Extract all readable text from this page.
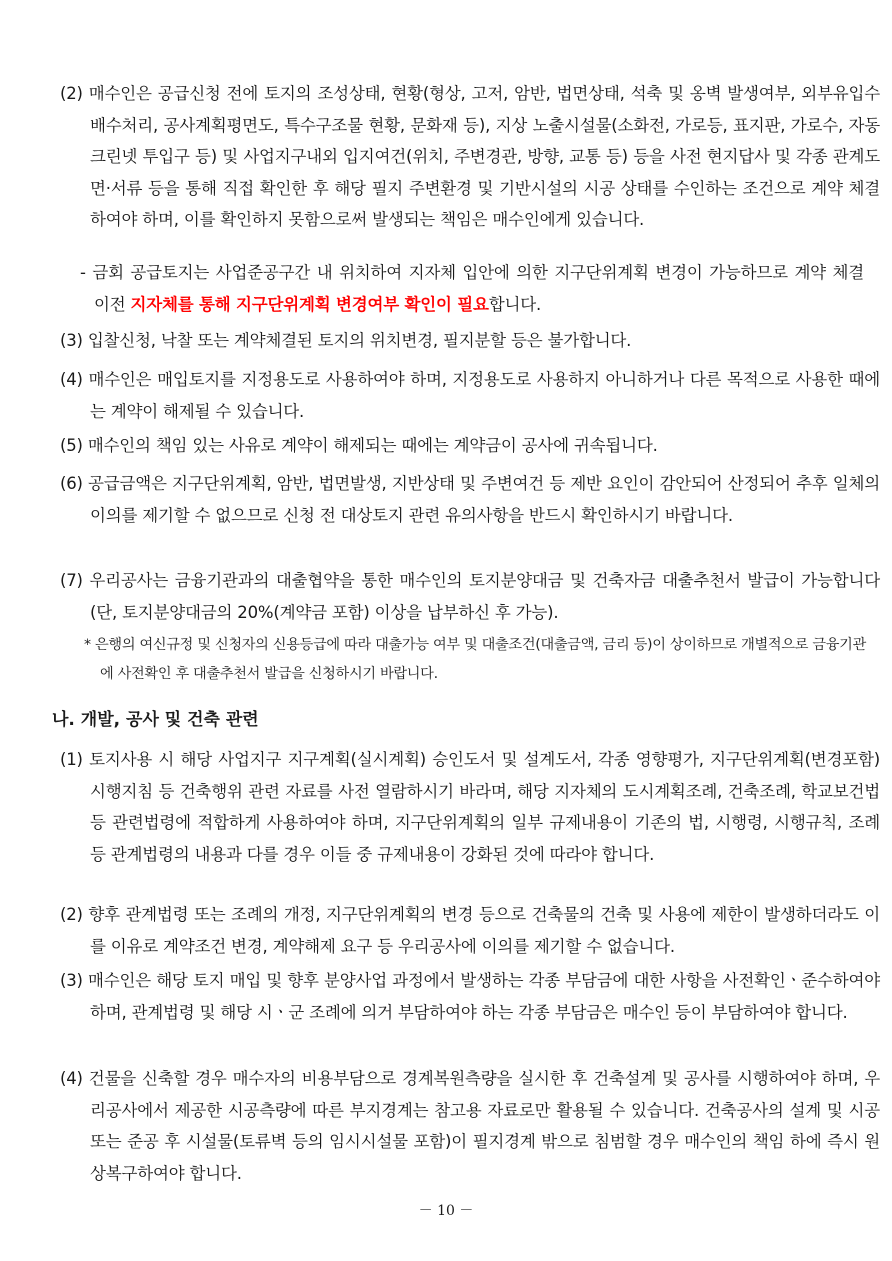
(2) 매수인은 공급신청 전에 토지의 조성상태, 현황(형상, 고저, 암반, 법면상태, 석축 및 옹벽 발생여부, 외부유입수 배수처리, 공사계획평면도, 특수구조물 현황, 문화재 등), 지상 노출시설물(소화전, 가로등, 표지판, 가로수, 자동크린넷 투입구 등) 및 사업지구내외 입지여건(위치, 주변경관, 방향, 교통 등) 등을 사전 현지답사 및 각종 관계도면·서류 등을 통해 직접 확인한 후 해당 필지 주변환경 및 기반시설의 시공 상태를 수인하는 조건으로 계약 체결하여야 하며, 이를 확인하지 못함으로써 발생되는 책임은 매수인에게 있습니다.
- 금회 공급토지는 사업준공구간 내 위치하여 지자체 입안에 의한 지구단위계획 변경이 가능하므로 계약 체결 이전 지자체를 통해 지구단위계획 변경여부 확인이 필요합니다.
(3) 입찰신청, 낙찰 또는 계약체결된 토지의 위치변경, 필지분할 등은 불가합니다.
(4) 매수인은 매입토지를 지정용도로 사용하여야 하며, 지정용도로 사용하지 아니하거나 다른 목적으로 사용한 때에는 계약이 해제될 수 있습니다.
(5) 매수인의 책임 있는 사유로 계약이 해제되는 때에는 계약금이 공사에 귀속됩니다.
(6) 공급금액은 지구단위계획, 암반, 법면발생, 지반상태 및 주변여건 등 제반 요인이 감안되어 산정되어 추후 일체의 이의를 제기할 수 없으므로 신청 전 대상토지 관련 유의사항을 반드시 확인하시기 바랍니다.
(7) 우리공사는 금융기관과의 대출협약을 통한 매수인의 토지분양대금 및 건축자금 대출추천서 발급이 가능합니다(단, 토지분양대금의 20%(계약금 포함) 이상을 납부하신 후 가능).
* 은행의 여신규정 및 신청자의 신용등급에 따라 대출가능 여부 및 대출조건(대출금액, 금리 등)이 상이하므로 개별적으로 금융기관에 사전확인 후 대출추천서 발급을 신청하시기 바랍니다.
나. 개발, 공사 및 건축 관련
(1) 토지사용 시 해당 사업지구 지구계획(실시계획) 승인도서 및 설계도서, 각종 영향평가, 지구단위계획(변경포함) 시행지침 등 건축행위 관련 자료를 사전 열람하시기 바라며, 해당 지자체의 도시계획조례, 건축조례, 학교보건법 등 관련법령에 적합하게 사용하여야 하며, 지구단위계획의 일부 규제내용이 기존의 법, 시행령, 시행규칙, 조례 등 관계법령의 내용과 다를 경우 이들 중 규제내용이 강화된 것에 따라야 합니다.
(2) 향후 관계법령 또는 조례의 개정, 지구단위계획의 변경 등으로 건축물의 건축 및 사용에 제한이 발생하더라도 이를 이유로 계약조건 변경, 계약해제 요구 등 우리공사에 이의를 제기할 수 없습니다.
(3) 매수인은 해당 토지 매입 및 향후 분양사업 과정에서 발생하는 각종 부담금에 대한 사항을 사전확인ㆍ준수하여야 하며, 관계법령 및 해당 시ㆍ군 조례에 의거 부담하여야 하는 각종 부담금은 매수인 등이 부담하여야 합니다.
(4) 건물을 신축할 경우 매수자의 비용부담으로 경계복원측량을 실시한 후 건축설계 및 공사를 시행하여야 하며, 우리공사에서 제공한 시공측량에 따른 부지경계는 참고용 자료로만 활용될 수 있습니다. 건축공사의 설계 및 시공 또는 준공 후 시설물(토류벽 등의 임시시설물 포함)이 필지경계 밖으로 침범할 경우 매수인의 책임 하에 즉시 원상복구하여야 합니다.
－ 10 －
